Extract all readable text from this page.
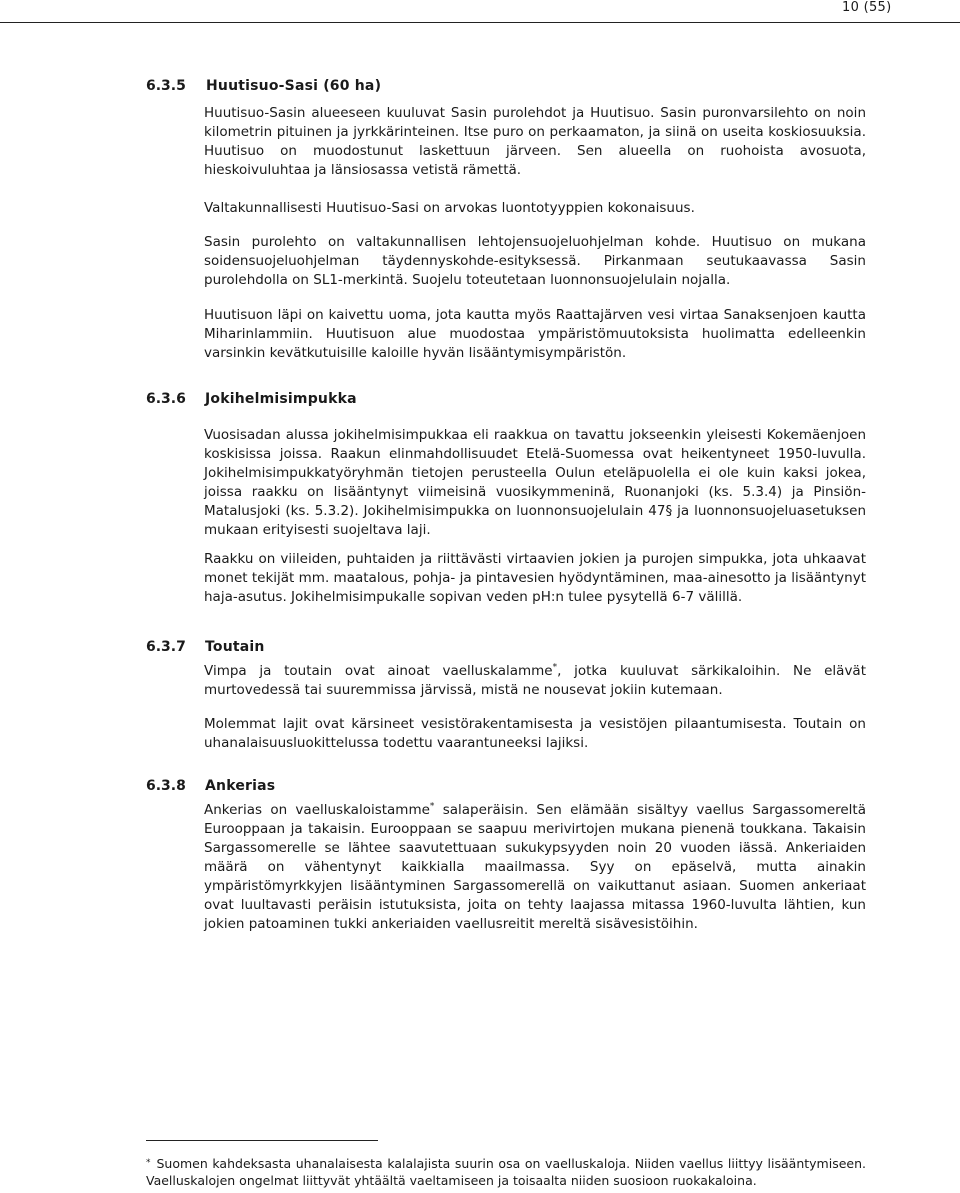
10 (55)
6.3.5 Huutisuo-Sasi (60 ha)

Huutisuo-Sasin alueeseen kuuluvat Sasin purolehdot ja Huutisuo. Sasin puronvarsilehto on noin kilometrin pituinen ja jyrkkärinteinen. Itse puro on perkaamaton, ja siinä on useita koskiosuuksia. Huutisuo on muodostunut laskettuun järveen. Sen alueella on ruohoista avosuota, hieskoivuluhtaa ja länsiosassa vetistä rämettä.

Valtakunnallisesti Huutisuo-Sasi on arvokas luontotyyppien kokonaisuus.

Sasin purolehto on valtakunnallisen lehtojensuojeluohjelman kohde. Huutisuo on mukana soidensuojeluohjelman täydennyskohde-esityksessä. Pirkanmaan seutukaavassa Sasin purolehdolla on SL1-merkintä. Suojelu toteutetaan luonnonsuojelulain nojalla.

Huutisuon läpi on kaivettu uoma, jota kautta myös Raattajärven vesi virtaa Sanaksenjoen kautta Miharinlammiin. Huutisuon alue muodostaa ympäristömuutoksista huolimatta edelleenkin varsinkin kevätkutuisille kaloille hyvän lisääntymisympäristön.

6.3.6 Jokihelmisimpukka

Vuosisadan alussa jokihelmisimpukkaa eli raakkua on tavattu jokseenkin yleisesti Kokemäenjoen koskisissa joissa. Raakun elinmahdollisuudet Etelä-Suomessa ovat heikentyneet 1950-luvulla. Jokihelmisimpukkatyöryhmän tietojen perusteella Oulun eteläpuolella ei ole kuin kaksi jokea, joissa raakku on lisääntynyt viimeisinä vuosikymmeninä, Ruonanjoki (ks. 5.3.4) ja Pinsiön-Matalusjoki (ks. 5.3.2). Jokihelmisimpukka on luonnonsuojelulain 47§ ja luonnonsuojeluasetuksen mukaan erityisesti suojeltava laji.

Raakku on viileiden, puhtaiden ja riittävästi virtaavien jokien ja purojen simpukka, jota uhkaavat monet tekijät mm. maatalous, pohja- ja pintavesien hyödyntäminen, maa-ainesotto ja lisääntynyt haja-asutus. Jokihelmisimpukalle sopivan veden pH:n tulee pysytellä 6-7 välillä.

6.3.7 Toutain

Vimpa ja toutain ovat ainoat vaelluskalamme*, jotka kuuluvat särkikaloihin. Ne elävät murtovedessä tai suuremmissa järvissä, mistä ne nousevat jokiin kutemaan.

Molemmat lajit ovat kärsineet vesistörakentamisesta ja vesistöjen pilaantumisesta. Toutain on uhanalaisuusluokittelussa todettu vaarantuneeksi lajiksi.

6.3.8 Ankerias

Ankerias on vaelluskaloistamme* salaperäisin. Sen elämään sisältyy vaellus Sargassomereltä Eurooppaan ja takaisin. Eurooppaan se saapuu merivirtojen mukana pienenä toukkana. Takaisin Sargassomerelle se lähtee saavutettuaan sukukypsyyden noin 20 vuoden iässä. Ankeriaiden määrä on vähentynyt kaikkialla maailmassa. Syy on epäselvä, mutta ainakin ympäristömyrkkyjen lisääntyminen Sargassomerellä on vaikuttanut asiaan. Suomen ankeriaat ovat luultavasti peräisin istutuksista, joita on tehty laajassa mitassa 1960-luvulta lähtien, kun jokien patoaminen tukki ankeriaiden vaellusreitit mereltä sisävesistöihin.

* Suomen kahdeksasta uhanalaisesta kalalajista suurin osa on vaelluskaloja. Niiden vaellus liittyy lisääntymiseen. Vaelluskalojen ongelmat liittyvät yhtäältä vaeltamiseen ja toisaalta niiden suosioon ruokakaloina.
